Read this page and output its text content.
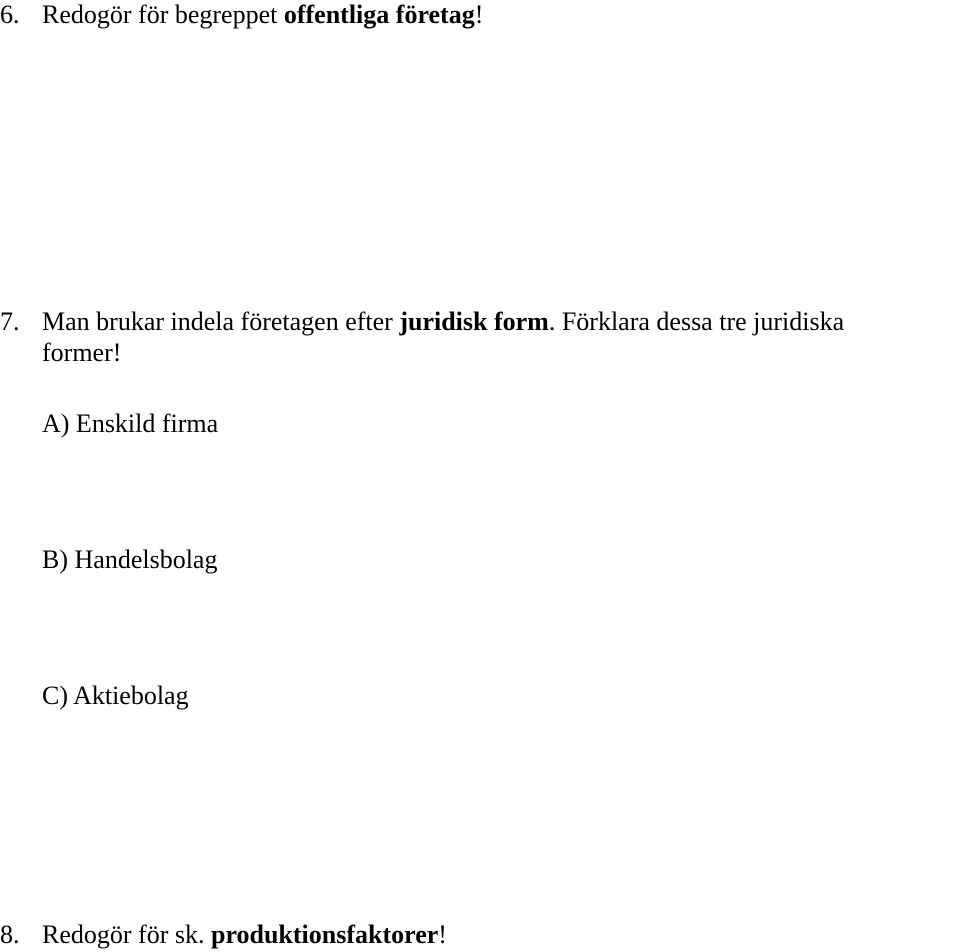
6. Redogör för begreppet offentliga företag!
7. Man brukar indela företagen efter juridisk form. Förklara dessa tre juridiska
former!
A) Enskild firma
B) Handelsbolag
C) Aktiebolag
8. Redogör för sk. produktionsfaktorer!
